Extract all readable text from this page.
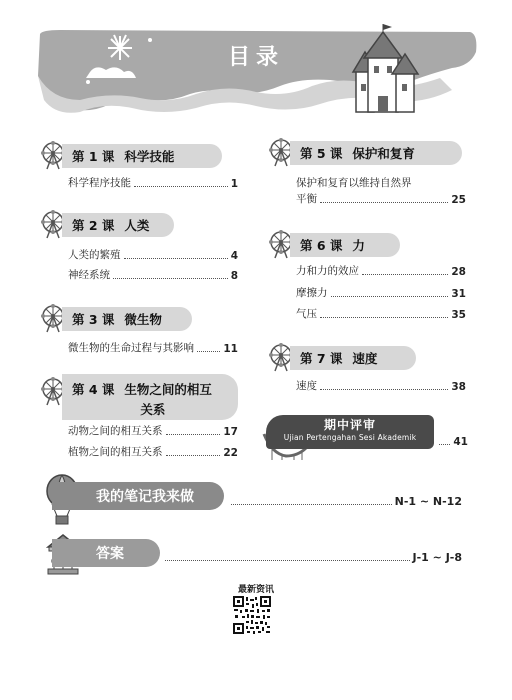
目录
第 1 课 科学技能
科学程序技能	1
第 2 课 人类
人类的繁殖	4
神经系统	8
第 3 课 微生物
微生物的生命过程与其影响	11
第 4 课 生物之间的相互
关系
动物之间的相互关系	17
植物之间的相互关系	22
第 5 课 保护和复育
保护和复育以维持自然界
平衡	25
第 6 课 力
力和力的效应	28
摩擦力	31
气压	35
第 7 课 速度
速度	38
期中评审
Ujian Pertengahan Sesi Akademik	41
我的笔记我来做	N-1 ~ N-12
答案	J-1 ~ J-8
最新资讯
